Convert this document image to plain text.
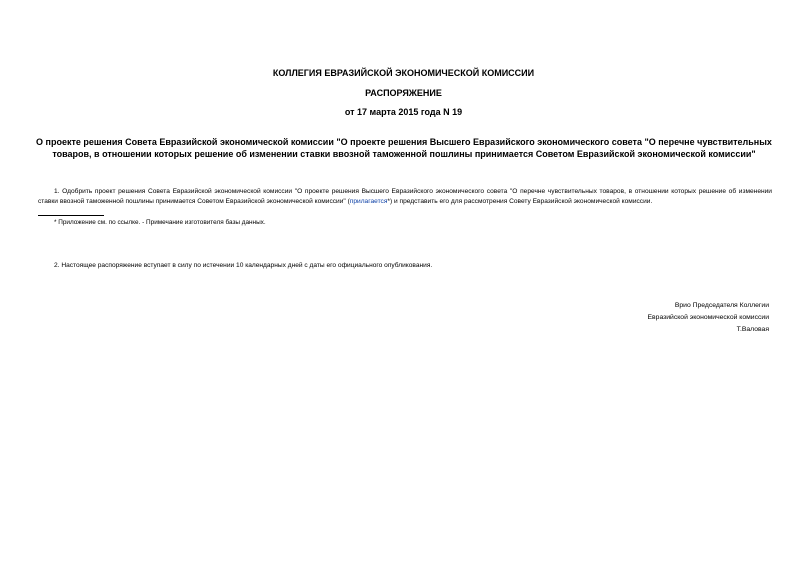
КОЛЛЕГИЯ ЕВРАЗИЙСКОЙ ЭКОНОМИЧЕСКОЙ КОМИССИИ
РАСПОРЯЖЕНИЕ
от 17 марта 2015 года N 19
О проекте решения Совета Евразийской экономической комиссии "О проекте решения Высшего Евразийского экономического совета "О перечне чувствительных товаров, в отношении которых решение об изменении ставки ввозной таможенной пошлины принимается Советом Евразийской экономической комиссии"
1. Одобрить проект решения Совета Евразийской экономической комиссии "О проекте решения Высшего Евразийского экономического совета "О перечне чувствительных товаров, в отношении которых решение об изменении ставки ввозной таможенной пошлины принимается Советом Евразийской экономической комиссии" (прилагается*) и представить его для рассмотрения Совету Евразийской экономической комиссии.
* Приложение см. по ссылке. - Примечание изготовителя базы данных.
2. Настоящее распоряжение вступает в силу по истечении 10 календарных дней с даты его официального опубликования.
Врио Председателя Коллегии
Евразийской экономической комиссии
Т.Валовая
